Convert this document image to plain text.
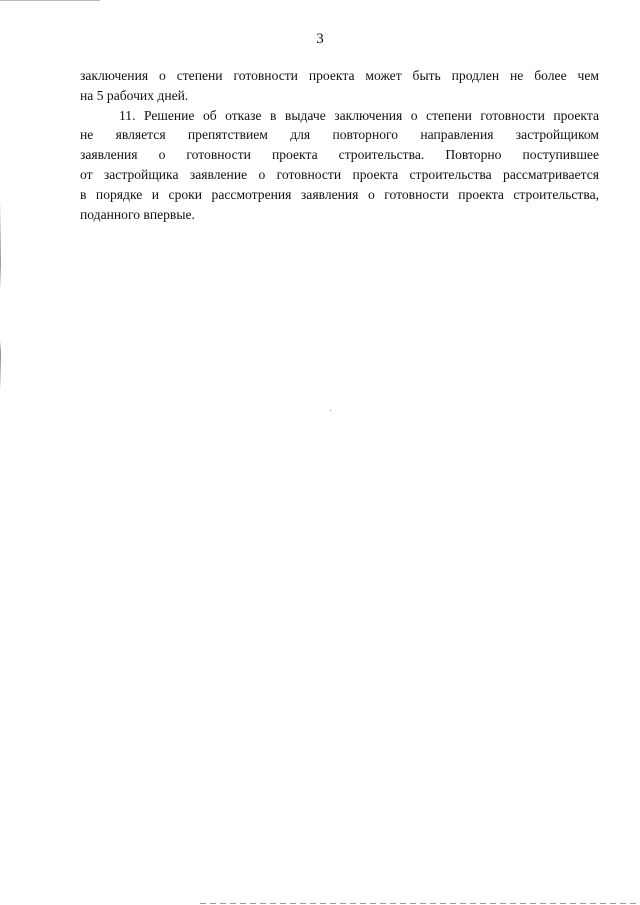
3

заключения о степени готовности проекта может быть продлен не более чем
на 5 рабочих дней.

11. Решение об отказе в выдаче заключения о степени готовности проекта
не является препятствием для повторного направления застройщиком
заявления о готовности проекта строительства. Повторно поступившее
от застройщика заявление о готовности проекта строительства рассматривается
в порядке и сроки рассмотрения заявления о готовности проекта строительства,
поданного впервые.
